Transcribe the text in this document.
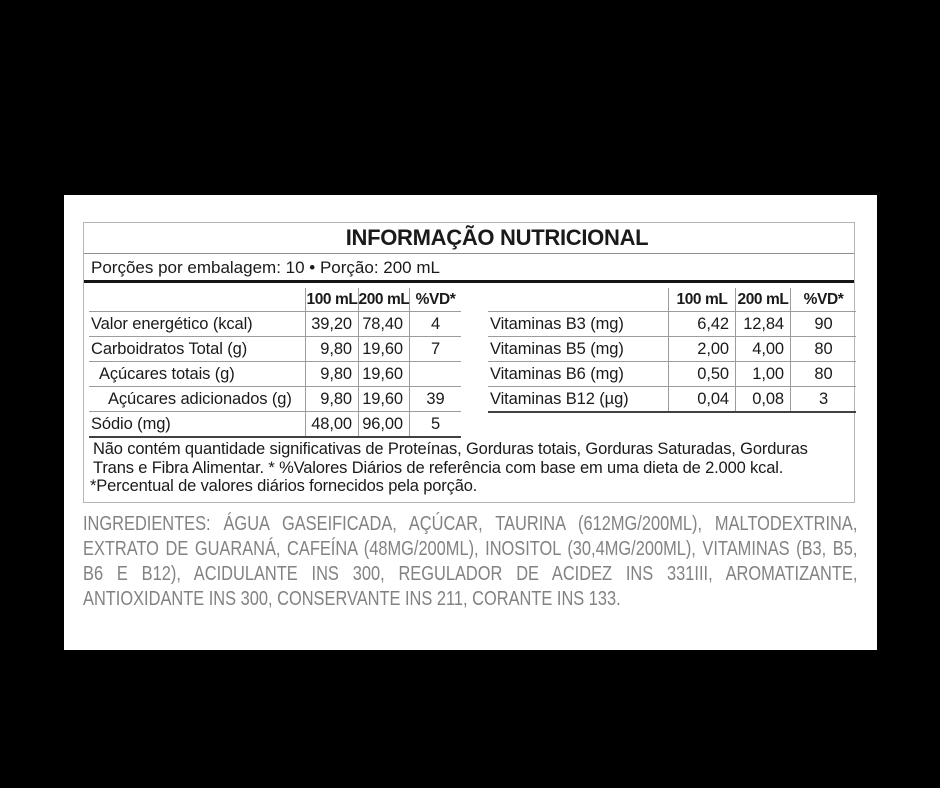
INFORMAÇÃO NUTRICIONAL
Porções por embalagem: 10 • Porção: 200 mL
100 mL 200 mL %VD*
Valor energético (kcal)	39,20 78,40	4
Carboidratos Total (g)	9,80 19,60	7
Açúcares totais (g)	9,80 19,60
Açúcares adicionados (g)	9,80 19,60	39
Sódio (mg)	48,00 96,00	5
100 mL 200 mL %VD*
Vitaminas B3 (mg)	6,42 12,84	90
Vitaminas B5 (mg)	2,00	4,00	80
Vitaminas B6 (mg)	0,50	1,00	80
Vitaminas B12 (µg)	0,04	0,08	3

Não contém quantidade significativas de Proteínas, Gorduras totais, Gorduras Saturadas, Gorduras Trans e Fibra Alimentar. * %Valores Diários de referência com base em uma dieta de 2.000 kcal.

*Percentual de valores diários fornecidos pela porção.

INGREDIENTES: ÁGUA GASEIFICADA, AÇÚCAR, TAURINA (612MG/200ML), MALTODEXTRINA, EXTRATO DE GUARANÁ, CAFEÍNA (48MG/200ML), INOSITOL (30,4MG/200ML), VITAMINAS (B3, B5, B6 E B12), ACIDULANTE INS 300, REGULADOR DE ACIDEZ INS 331III, AROMATIZANTE, ANTIOXIDANTE INS 300, CONSERVANTE INS 211, CORANTE INS 133.
